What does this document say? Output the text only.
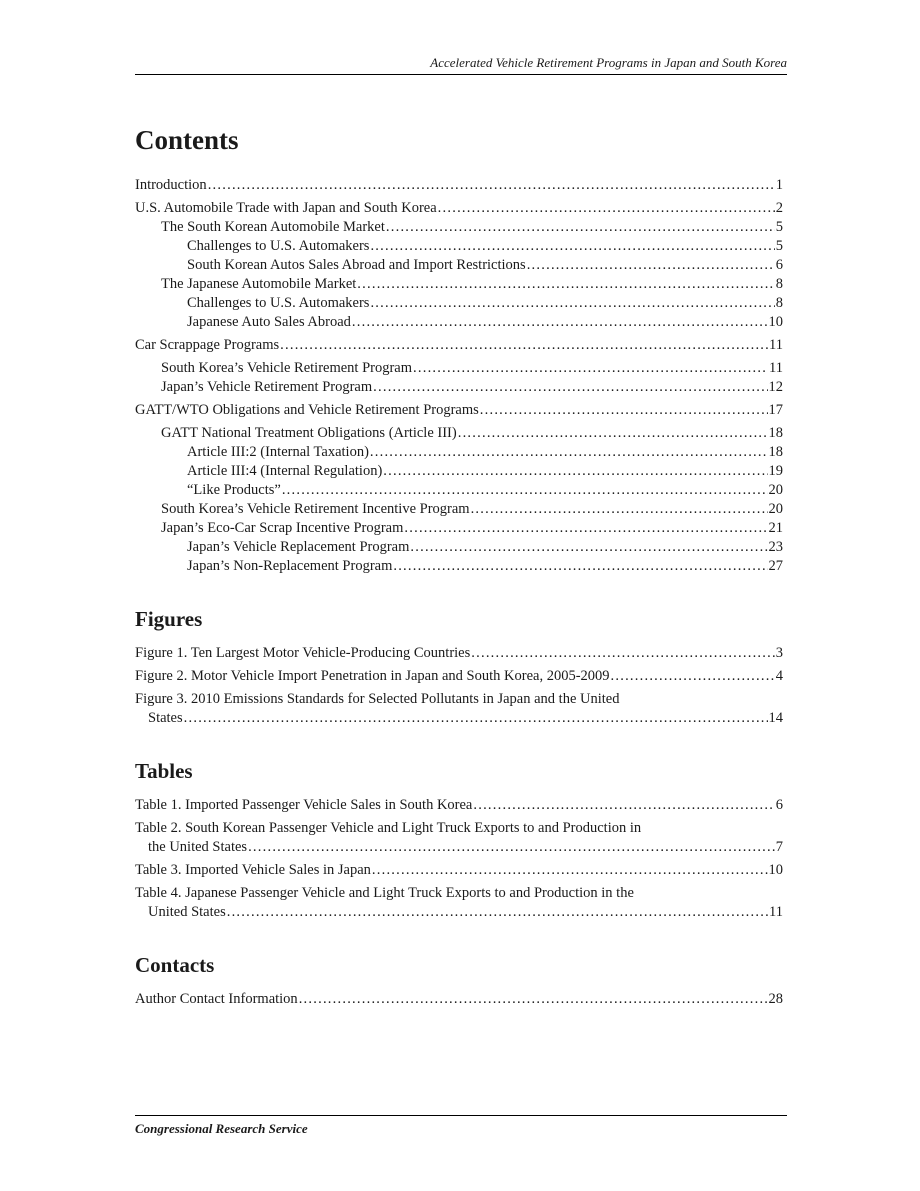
Accelerated Vehicle Retirement Programs in Japan and South Korea
Contents
Introduction . . .	1
U.S. Automobile Trade with Japan and South Korea . . .	2
The South Korean Automobile Market . . .	5
Challenges to U.S. Automakers . . .	5
South Korean Autos Sales Abroad and Import Restrictions . . .	6
The Japanese Automobile Market . . .	8
Challenges to U.S. Automakers . . .	8
Japanese Auto Sales Abroad . . .	10
Car Scrappage Programs . . .	11
South Korea’s Vehicle Retirement Program . . .	11
Japan’s Vehicle Retirement Program . . .	12
GATT/WTO Obligations and Vehicle Retirement Programs . . .	17
GATT National Treatment Obligations (Article III) . . .	18
Article III:2 (Internal Taxation) . . .	18
Article III:4 (Internal Regulation) . . .	19
“Like Products” . . .	20
South Korea’s Vehicle Retirement Incentive Program . . .	20
Japan’s Eco-Car Scrap Incentive Program . . .	21
Japan’s Vehicle Replacement Program . . .	23
Japan’s Non-Replacement Program . . .	27
Figures
Figure 1. Ten Largest Motor Vehicle-Producing Countries . . .	3
Figure 2. Motor Vehicle Import Penetration in Japan and South Korea, 2005-2009 . . .	4
Figure 3. 2010 Emissions Standards for Selected Pollutants in Japan and the United
States . . .	14
Tables
Table 1. Imported Passenger Vehicle Sales in South Korea . . .	6
Table 2. South Korean Passenger Vehicle and Light Truck Exports to and Production in
the United States . . .	7
Table 3. Imported Vehicle Sales in Japan . . .	10
Table 4. Japanese Passenger Vehicle and Light Truck Exports to and Production in the
United States . . .	11
Contacts
Author Contact Information . . .	28
Congressional Research Service
